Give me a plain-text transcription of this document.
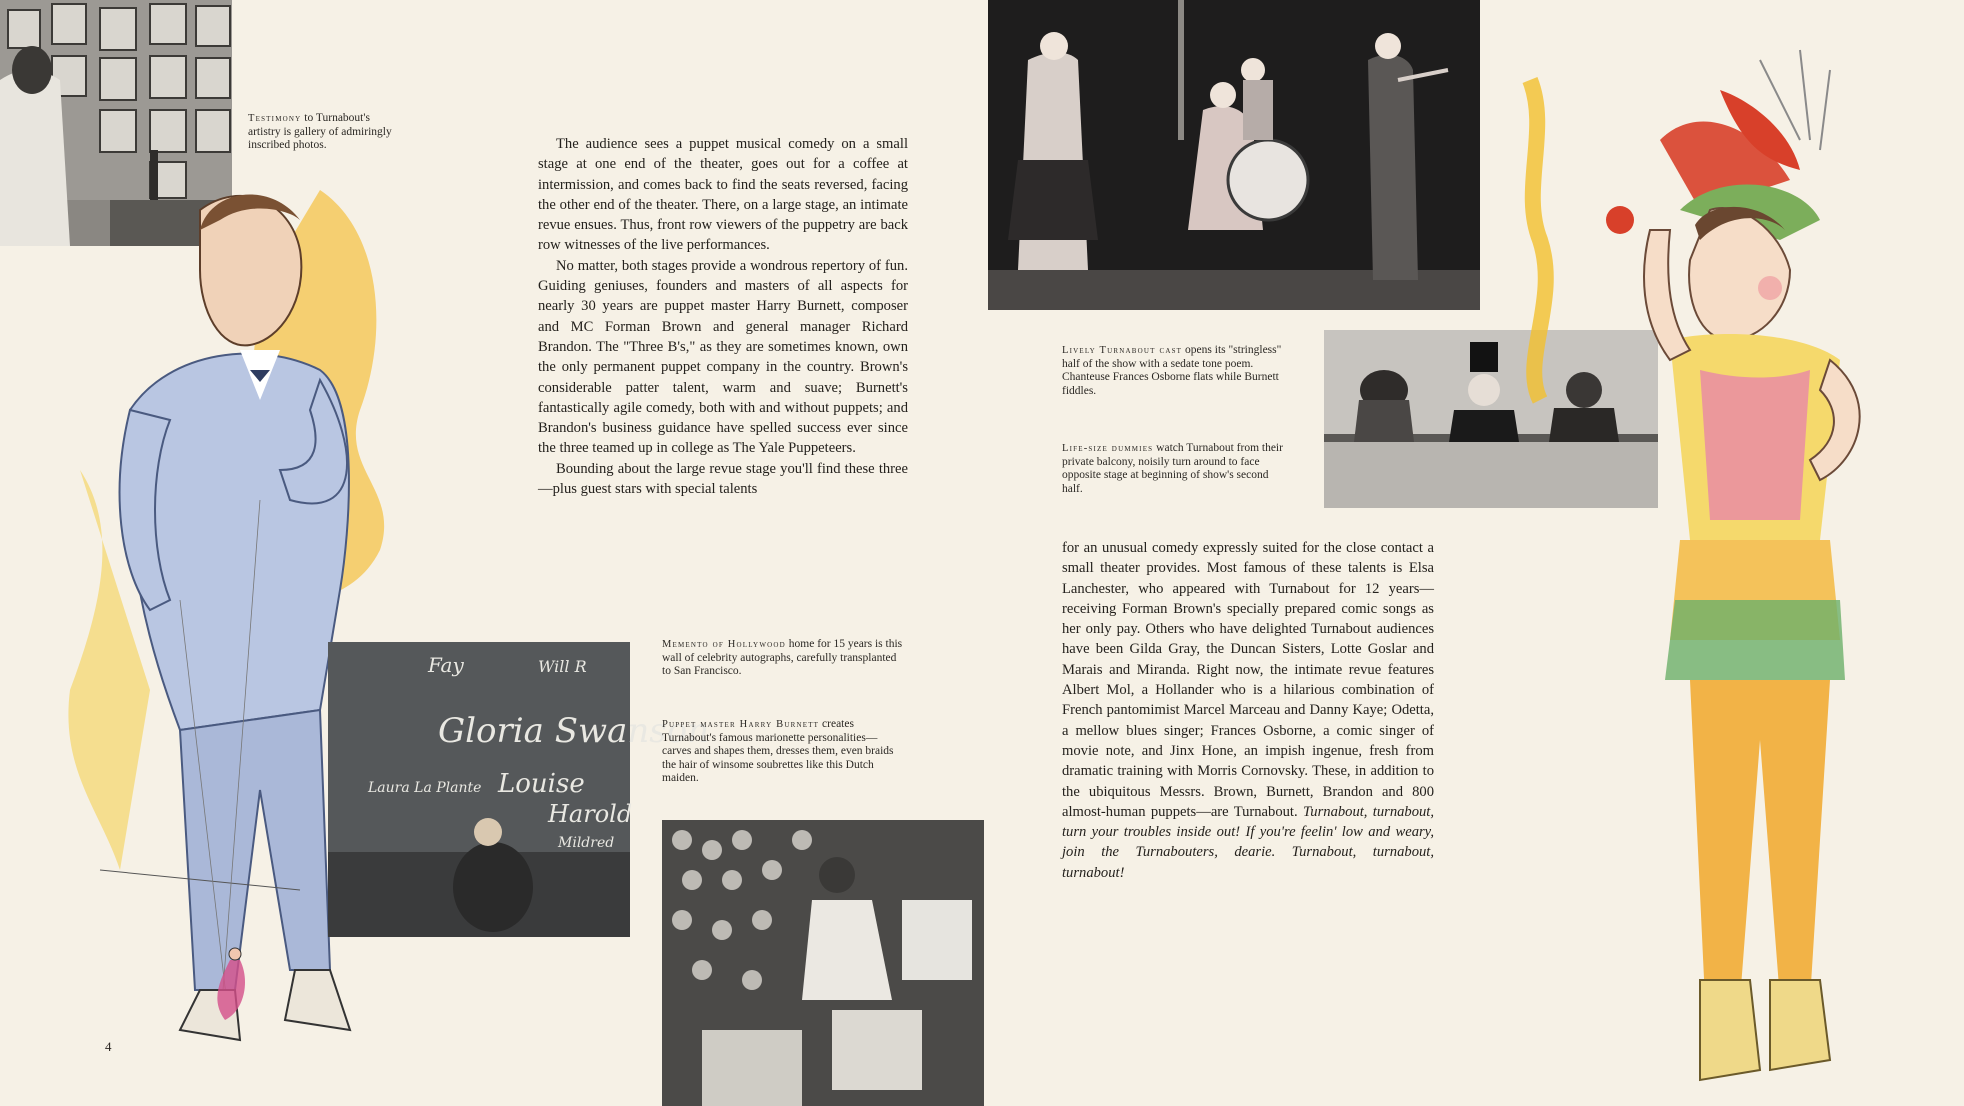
Testimony to Turnabout's artistry is gallery of admiringly inscribed photos.
Gloria Swanson
Harold
Mildred
Laura La Plante
Will R
Louise
Fay
Memento of Hollywood home for 15 years is this wall of celebrity autographs, carefully transplanted to San Francisco.
Puppet master Harry Burnett creates Turnabout's famous marionette personalities—carves and shapes them, dresses them, even braids the hair of winsome soubrettes like this Dutch maiden.

The audience sees a puppet musical comedy on a small stage at one end of the theater, goes out for a coffee at intermission, and comes back to find the seats reversed, facing the other end of the theater. There, on a large stage, an intimate revue ensues. Thus, front row viewers of the puppetry are back row witnesses of the live performances.

No matter, both stages provide a wondrous repertory of fun. Guiding geniuses, founders and masters of all aspects for nearly 30 years are puppet master Harry Burnett, composer and MC Forman Brown and general manager Richard Brandon. The "Three B's," as they are sometimes known, own the only permanent puppet company in the country. Brown's considerable patter talent, warm and suave; Burnett's fantastically agile comedy, both with and without puppets; and Brandon's business guidance have spelled success ever since the three teamed up in college as The Yale Puppeteers.

Bounding about the large revue stage you'll find these three—plus guest stars with special talents

Lively Turnabout cast opens its "stringless" half of the show with a sedate tone poem. Chanteuse Frances Osborne flats while Burnett fiddles.
Life-size dummies watch Turnabout from their private balcony, noisily turn around to face opposite stage at beginning of show's second half.

for an unusual comedy expressly suited for the close contact a small theater provides. Most famous of these talents is Elsa Lanchester, who appeared with Turnabout for 12 years—receiving Forman Brown's specially prepared comic songs as her only pay. Others who have delighted Turnabout audiences have been Gilda Gray, the Duncan Sisters, Lotte Goslar and Marais and Miranda. Right now, the intimate revue features Albert Mol, a Hollander who is a hilarious combination of French pantomimist Marcel Marceau and Danny Kaye; Odetta, a mellow blues singer; Frances Osborne, a comic singer of movie note, and Jinx Hone, an impish ingenue, fresh from dramatic training with Morris Cornovsky. These, in addition to the ubiquitous Messrs. Brown, Burnett, Brandon and 800 almost-human puppets—are Turnabout. Turnabout, turnabout, turn your troubles inside out! If you're feelin' low and weary, join the Turnabouters, dearie. Turnabout, turnabout, turnabout!

4
